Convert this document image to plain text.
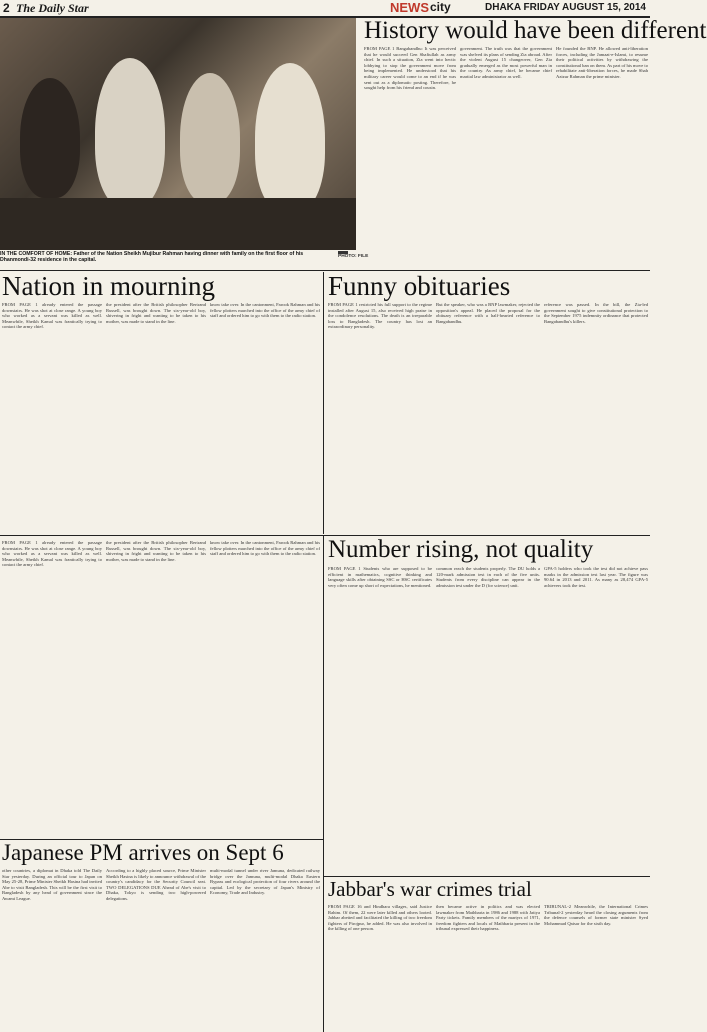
2 The Daily Star	NEWS city	DHAKA FRIDAY AUGUST 15, 2014
IN THE COMFORT OF HOME: Father of the Nation Sheikh Mujibur Rahman having dinner with family on the first floor of his Dhanmondi-32 residence in the capital.
PHOTO: FILE
History would have been different
FROM PAGE 1 Bangabandhu: It was perceived that he would succeed Gen Shafiullah as army chief. In such a situation, Zia went into hectic lobbying to stop the government move from being implemented. He understood that his military career would come to an end if he was sent out as a diplomatic posting. Therefore, he sought help from his friend and cousin.
government. The truth was that the government was shelved its plans of sending Zia abroad. After the violent August 15 changeover, Gen Zia gradually emerged as the most powerful man in the country. As army chief, he became chief martial law administrator as well.
He founded the BNP. He allowed anti-liberation forces, including the Jamaat-e-Islami, to resume their political activities by withdrawing the constitutional ban on them. As part of his move to rehabilitate anti-liberation forces, he made Shah Azizur Rahman the prime minister.
Nation in mourning
FROM PAGE 1 already entered the passage downstairs. He was shot at close range. A young boy who worked as a servant was killed as well. Meanwhile, Sheikh Kamal was frantically trying to contact the army chief.
the president after the British philosopher Bertrand Russell, was brought down. The six-year-old boy, shivering in fright and wanting to be taken to his mother, was made to stand in the line.
know take over. In the cantonment, Farook Rahman and his fellow plotters marched into the office of the army chief of staff and ordered him to go with them to the radio station.
Funny obituaries
FROM PAGE 1 restricted his full support to the regime installed after August 15, also received high praise in the condolence resolutions. The death is an irreparable loss to Bangladesh. The country has lost an extraordinary personality.
But the speaker, who was a BNP lawmaker, rejected the opposition's appeal. He placed the proposal for the obituary reference with a half-hearted reference to Bangabandhu.
reference was passed. In the bill, the Zia-led government sought to give constitutional protection to the September 1975 indemnity ordinance that protected Bangabandhu's killers.
Number rising, not quality
FROM PAGE 1 Students who are supposed to be efficient in mathematics, cognitive thinking and language skills after obtaining SSC or HSC certificates very often come up short of expectations, he mentioned.
common reach the students properly. The DU holds a 120-mark admission test in each of the five units. Students from every discipline can appear in the admission test under the D (for science) unit.
GPA-5 holders who took the test did not achieve pass marks in the admission test last year. The figure was 90.64 in 2013 and 2011. As many as 28,474 GPA-5 achievers took the test.
FROM PAGE 1 already entered the passage downstairs. He was shot at close range. A young boy who worked as a servant was killed as well. Meanwhile, Sheikh Kamal was frantically trying to contact the army chief.
the president after the British philosopher Bertrand Russell, was brought down. The six-year-old boy, shivering in fright and wanting to be taken to his mother, was made to stand in the line.
know take over. In the cantonment, Farook Rahman and his fellow plotters marched into the office of the army chief of staff and ordered him to go with them to the radio station.
Japanese PM arrives on Sept 6
other countries, a diplomat in Dhaka told The Daily Star yesterday. During an official tour to Japan on May 25-28, Prime Minister Sheikh Hasina had invited Abe to visit Bangladesh. This will be the first visit to Bangladesh by any head of government since the Awami League.
According to a highly placed source, Prime Minister Sheikh Hasina is likely to announce withdrawal of the country's candidacy for the Security Council seat. TWO DELEGATIONS DUE Ahead of Abe's visit to Dhaka, Tokyo is sending two high-powered delegations.
multi-modal tunnel under river Jamuna, dedicated railway bridge over the Jamuna, multi-modal Dhaka Eastern Bypass and ecological protection of four rivers around the capital. Led by the secretary of Japan's Ministry of Economy, Trade and Industry.	Jabbar's war crimes trial
FROM PAGE 16 and Hindhara villages, said Justice Rahim. Of them, 22 were later killed and others looted. Jabbar abetted and facilitated the killing of two freedom fighters of Pirojpur, he added. He was also involved in the killing of one person.
then became active in politics and was elected lawmaker from Mathbaria in 1986 and 1988 with Jatiya Party tickets. Family members of the martyrs of 1971, freedom fighters and locals of Mathbaria present in the tribunal expressed their happiness.
TRIBUNAL-2 Meanwhile, the International Crimes Tribunal-2 yesterday heard the closing arguments from the defence counsels of former state minister Syed Mohammad Qaisar for the sixth day.
